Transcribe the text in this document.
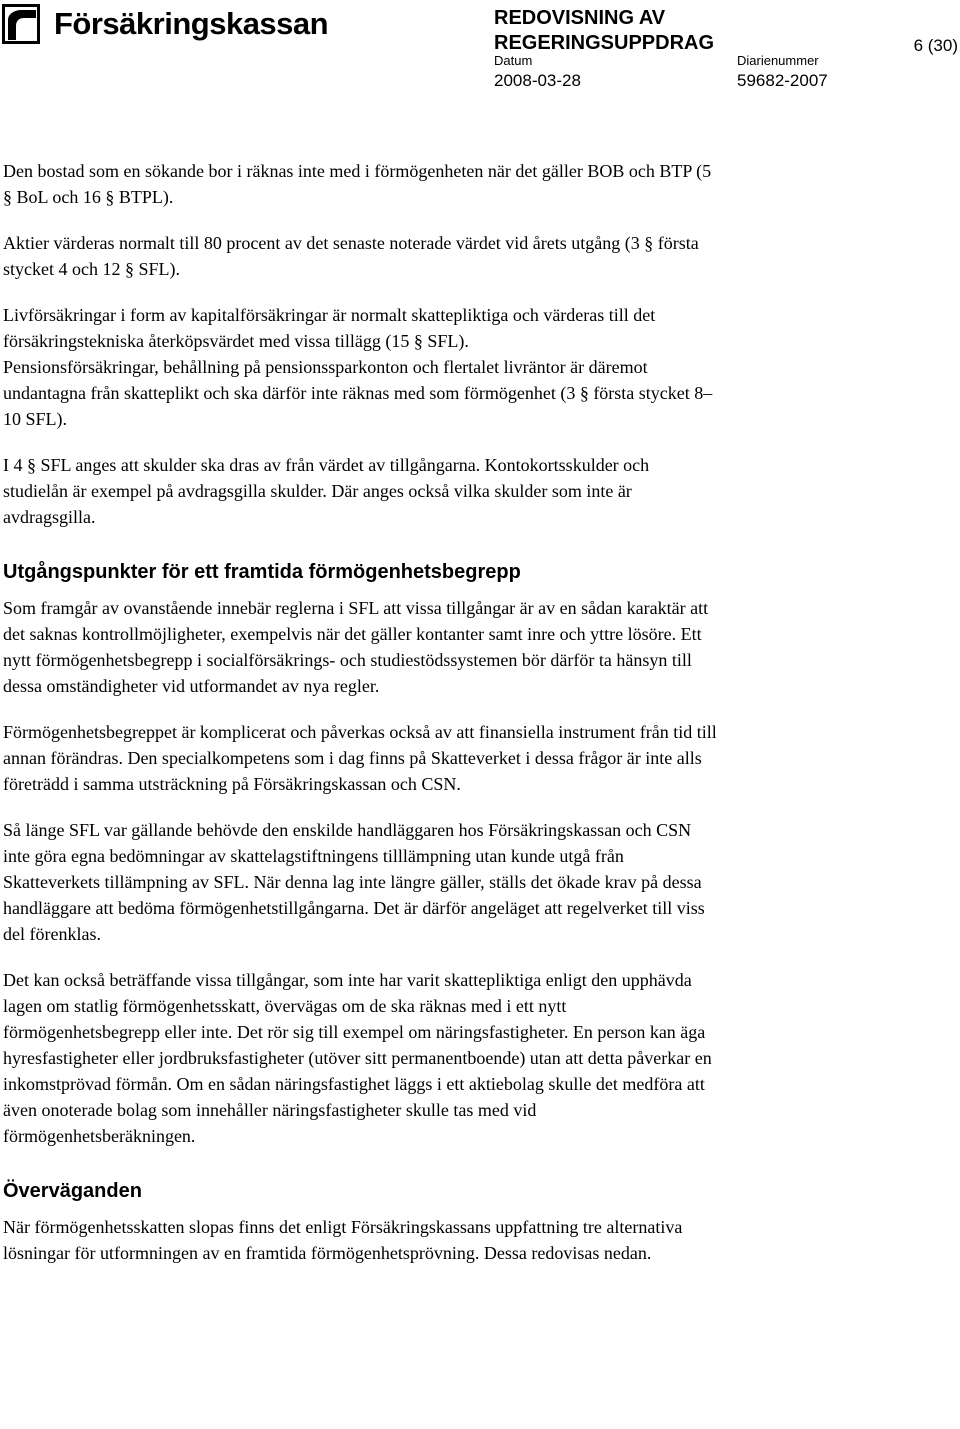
Försäkringskassan	REDOVISNING AV
REGERINGSUPPDRAG	6 (30)
Datum	Diarienummer
2008-03-28	59682-2007

Den bostad som en sökande bor i räknas inte med i förmögenheten när det gäller BOB och BTP (5 § BoL och 16 § BTPL).

Aktier värderas normalt till 80 procent av det senaste noterade värdet vid årets utgång (3 § första stycket 4 och 12 § SFL).

Livförsäkringar i form av kapitalförsäkringar är normalt skattepliktiga och värderas till det försäkringstekniska återköpsvärdet med vissa tillägg (15 § SFL).

Pensionsförsäkringar, behållning på pensionssparkonton och flertalet livräntor är däremot undantagna från skatteplikt och ska därför inte räknas med som förmögenhet (3 § första stycket 8–10 SFL).

I 4 § SFL anges att skulder ska dras av från värdet av tillgångarna. Kontokortsskulder och studielån är exempel på avdragsgilla skulder. Där anges också vilka skulder som inte är avdragsgilla.

Utgångspunkter för ett framtida förmögenhetsbegrepp

Som framgår av ovanstående innebär reglerna i SFL att vissa tillgångar är av en sådan karaktär att det saknas kontrollmöjligheter, exempelvis när det gäller kontanter samt inre och yttre lösöre. Ett nytt förmögenhetsbegrepp i socialförsäkrings- och studiestödssystemen bör därför ta hänsyn till dessa omständigheter vid utformandet av nya regler.

Förmögenhetsbegreppet är komplicerat och påverkas också av att finansiella instrument från tid till annan förändras. Den specialkompetens som i dag finns på Skatteverket i dessa frågor är inte alls företrädd i samma utsträckning på Försäkringskassan och CSN.

Så länge SFL var gällande behövde den enskilde handläggaren hos Försäkringskassan och CSN inte göra egna bedömningar av skattelagstiftningens tilllämpning utan kunde utgå från Skatteverkets tillämpning av SFL. När denna lag inte längre gäller, ställs det ökade krav på dessa handläggare att bedöma förmögenhetstillgångarna. Det är därför angeläget att regelverket till viss del förenklas.

Det kan också beträffande vissa tillgångar, som inte har varit skattepliktiga enligt den upphävda lagen om statlig förmögenhetsskatt, övervägas om de ska räknas med i ett nytt förmögenhetsbegrepp eller inte. Det rör sig till exempel om näringsfastigheter. En person kan äga hyresfastigheter eller jordbruksfastigheter (utöver sitt permanentboende) utan att detta påverkar en inkomstprövad förmån. Om en sådan näringsfastighet läggs i ett aktiebolag skulle det medföra att även onoterade bolag som innehåller näringsfastigheter skulle tas med vid förmögenhetsberäkningen.

Överväganden

När förmögenhetsskatten slopas finns det enligt Försäkringskassans uppfattning tre alternativa lösningar för utformningen av en framtida förmögenhetsprövning. Dessa redovisas nedan.
